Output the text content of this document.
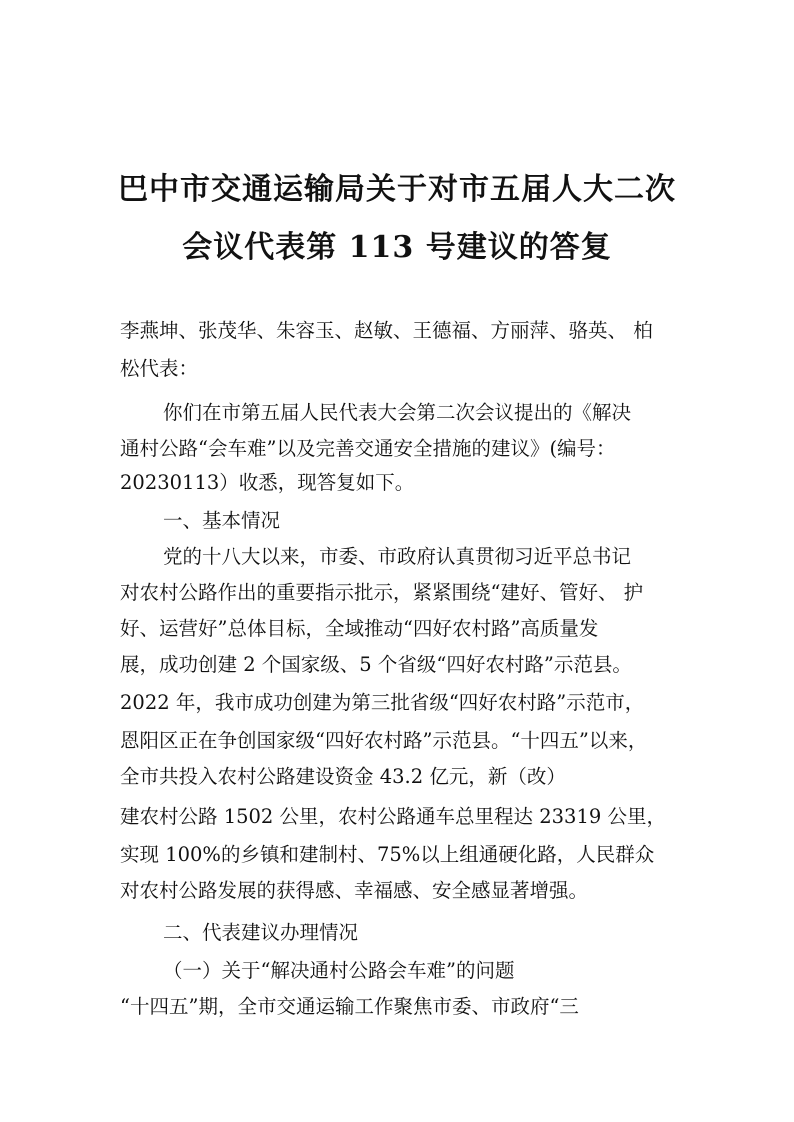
巴中市交通运输局关于对市五届人大二次
会议代表第 113 号建议的答复
李燕坤、张茂华、朱容玉、赵敏、王德福、方丽萍、骆英、 柏
松代表：
你们在市第五届人民代表大会第二次会议提出的《解决
通村公路“会车难”以及完善交通安全措施的建议》(编号：
20230113）收悉，现答复如下。
一、基本情况
党的十八大以来，市委、市政府认真贯彻习近平总书记
对农村公路作出的重要指示批示，紧紧围绕“建好、管好、 护
好、运营好”总体目标，全域推动“四好农村路”高质量发
展，成功创建 2 个国家级、5 个省级“四好农村路”示范县。
2022 年，我市成功创建为第三批省级“四好农村路”示范市，
恩阳区正在争创国家级“四好农村路”示范县。“十四五”以来，
全市共投入农村公路建设资金 43.2 亿元，新（改）
建农村公路 1502 公里，农村公路通车总里程达 23319 公里，
实现 100%的乡镇和建制村、75%以上组通硬化路，人民群众
对农村公路发展的获得感、幸福感、安全感显著增强。
二、代表建议办理情况
（一）关于“解决通村公路会车难”的问题
“十四五”期，全市交通运输工作聚焦市委、市政府“三
